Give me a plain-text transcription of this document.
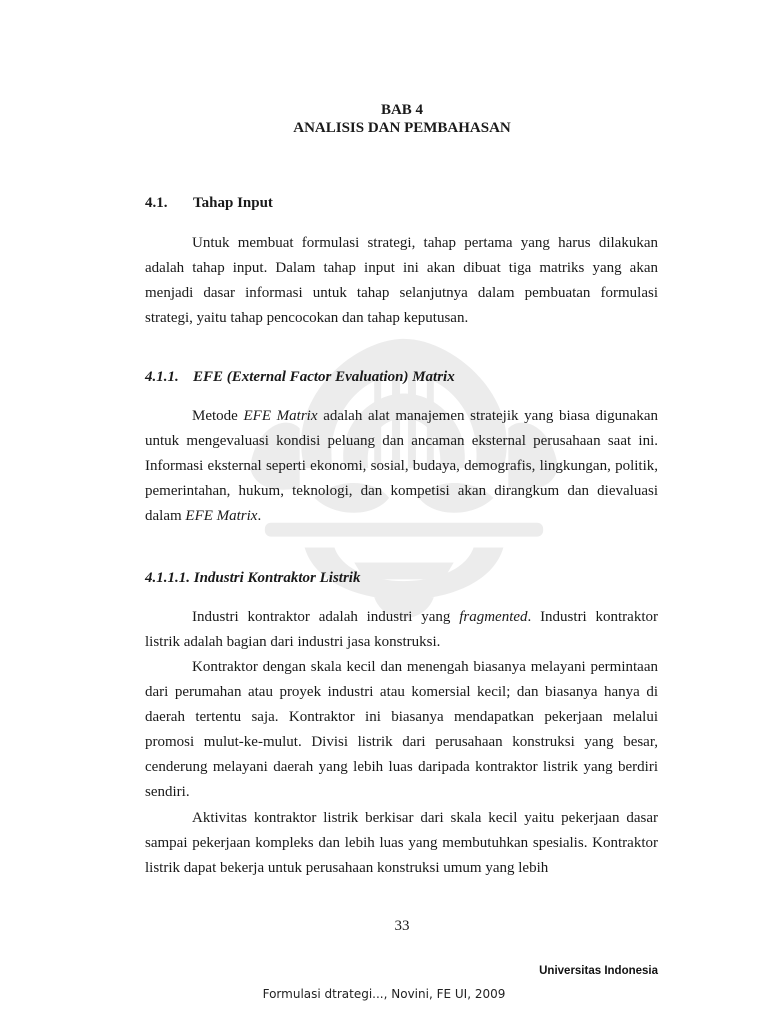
BAB 4
ANALISIS DAN PEMBAHASAN
4.1. Tahap Input

Untuk membuat formulasi strategi, tahap pertama yang harus dilakukan adalah tahap input. Dalam tahap input ini akan dibuat tiga matriks yang akan menjadi dasar informasi untuk tahap selanjutnya dalam pembuatan formulasi strategi, yaitu tahap pencocokan dan tahap keputusan.

4.1.1. EFE (External Factor Evaluation) Matrix

Metode EFE Matrix adalah alat manajemen stratejik yang biasa digunakan untuk mengevaluasi kondisi peluang dan ancaman eksternal perusahaan saat ini. Informasi eksternal seperti ekonomi, sosial, budaya, demografis, lingkungan, politik, pemerintahan, hukum, teknologi, dan kompetisi akan dirangkum dan dievaluasi dalam EFE Matrix.

4.1.1.1. Industri Kontraktor Listrik

Industri kontraktor adalah industri yang fragmented. Industri kontraktor listrik adalah bagian dari industri jasa konstruksi.

Kontraktor dengan skala kecil dan menengah biasanya melayani permintaan dari perumahan atau proyek industri atau komersial kecil; dan biasanya hanya di daerah tertentu saja. Kontraktor ini biasanya mendapatkan pekerjaan melalui promosi mulut-ke-mulut. Divisi listrik dari perusahaan konstruksi yang besar, cenderung melayani daerah yang lebih luas daripada kontraktor listrik yang berdiri sendiri.

Aktivitas kontraktor listrik berkisar dari skala kecil yaitu pekerjaan dasar sampai pekerjaan kompleks dan lebih luas yang membutuhkan spesialis. Kontraktor listrik dapat bekerja untuk perusahaan konstruksi umum yang lebih

33
Universitas Indonesia
Formulasi dtrategi..., Novini, FE UI, 2009
